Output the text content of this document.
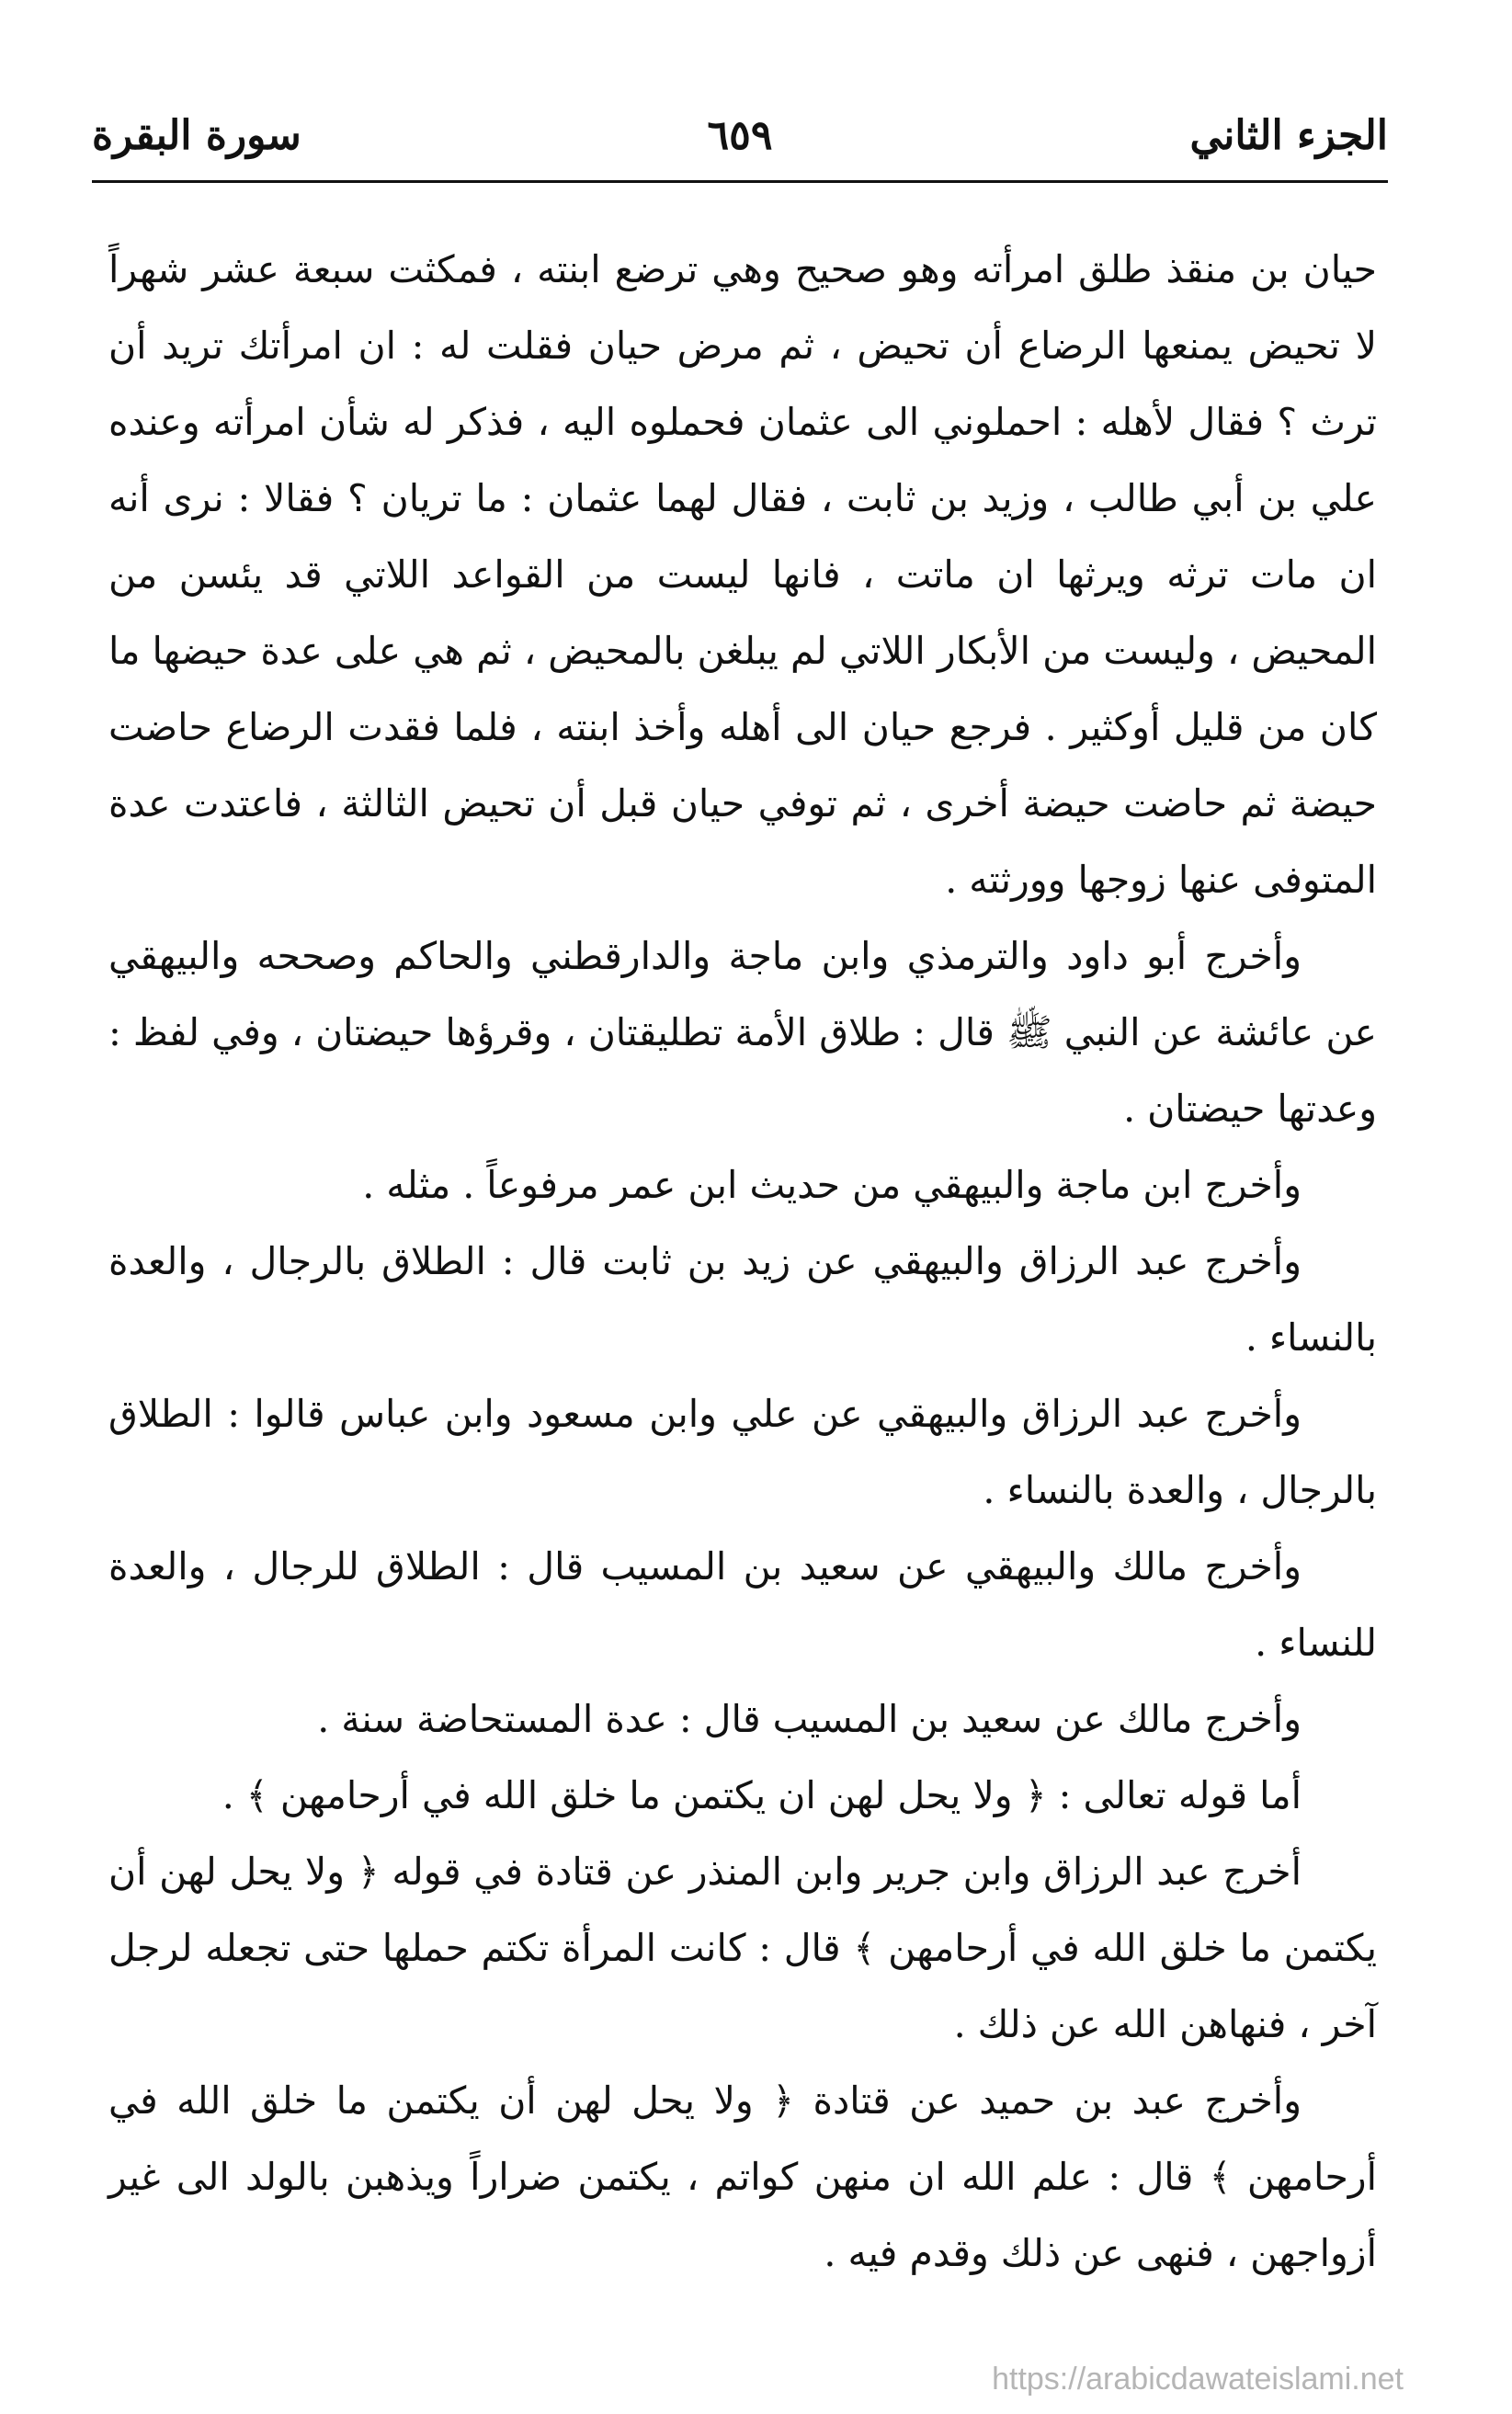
الجزء الثاني
٦٥٩
سورة البقرة

حيان بن منقذ طلق امرأته وهو صحيح وهي ترضع ابنته ، فمكثت سبعة عشر شهراً لا تحيض يمنعها الرضاع أن تحيض ، ثم مرض حيان فقلت له : ان امرأتك تريد أن ترث ؟ فقال لأهله : احملوني الى عثمان فحملوه اليه ، فذكر له شأن امرأته وعنده علي بن أبي طالب ، وزيد بن ثابت ، فقال لهما عثمان : ما تريان ؟ فقالا : نرى أنه ان مات ترثه ويرثها ان ماتت ، فانها ليست من القواعد اللاتي قد يئسن من المحيض ، وليست من الأبكار اللاتي لم يبلغن بالمحيض ، ثم هي على عدة حيضها ما كان من قليل أوكثير . فرجع حيان الى أهله وأخذ ابنته ، فلما فقدت الرضاع حاضت حيضة ثم حاضت حيضة أخرى ، ثم توفي حيان قبل أن تحيض الثالثة ، فاعتدت عدة المتوفى عنها زوجها وورثته .

وأخرج أبو داود والترمذي وابن ماجة والدارقطني والحاكم وصححه والبيهقي عن عائشة عن النبي ﷺ قال : طلاق الأمة تطليقتان ، وقرؤها حيضتان ، وفي لفظ : وعدتها حيضتان .

وأخرج ابن ماجة والبيهقي من حديث ابن عمر مرفوعاً . مثله .

وأخرج عبد الرزاق والبيهقي عن زيد بن ثابت قال : الطلاق بالرجال ، والعدة بالنساء .

وأخرج عبد الرزاق والبيهقي عن علي وابن مسعود وابن عباس قالوا : الطلاق بالرجال ، والعدة بالنساء .

وأخرج مالك والبيهقي عن سعيد بن المسيب قال : الطلاق للرجال ، والعدة للنساء .

وأخرج مالك عن سعيد بن المسيب قال : عدة المستحاضة سنة .

أما قوله تعالى : ﴿ ولا يحل لهن ان يكتمن ما خلق الله في أرحامهن ﴾ .

أخرج عبد الرزاق وابن جرير وابن المنذر عن قتادة في قوله ﴿ ولا يحل لهن أن يكتمن ما خلق الله في أرحامهن ﴾ قال : كانت المرأة تكتم حملها حتى تجعله لرجل آخر ، فنهاهن الله عن ذلك .

وأخرج عبد بن حميد عن قتادة ﴿ ولا يحل لهن أن يكتمن ما خلق الله في أرحامهن ﴾ قال : علم الله ان منهن كواتم ، يكتمن ضراراً ويذهبن بالولد الى غير أزواجهن ، فنهى عن ذلك وقدم فيه .

https://arabicdawateislami.net
